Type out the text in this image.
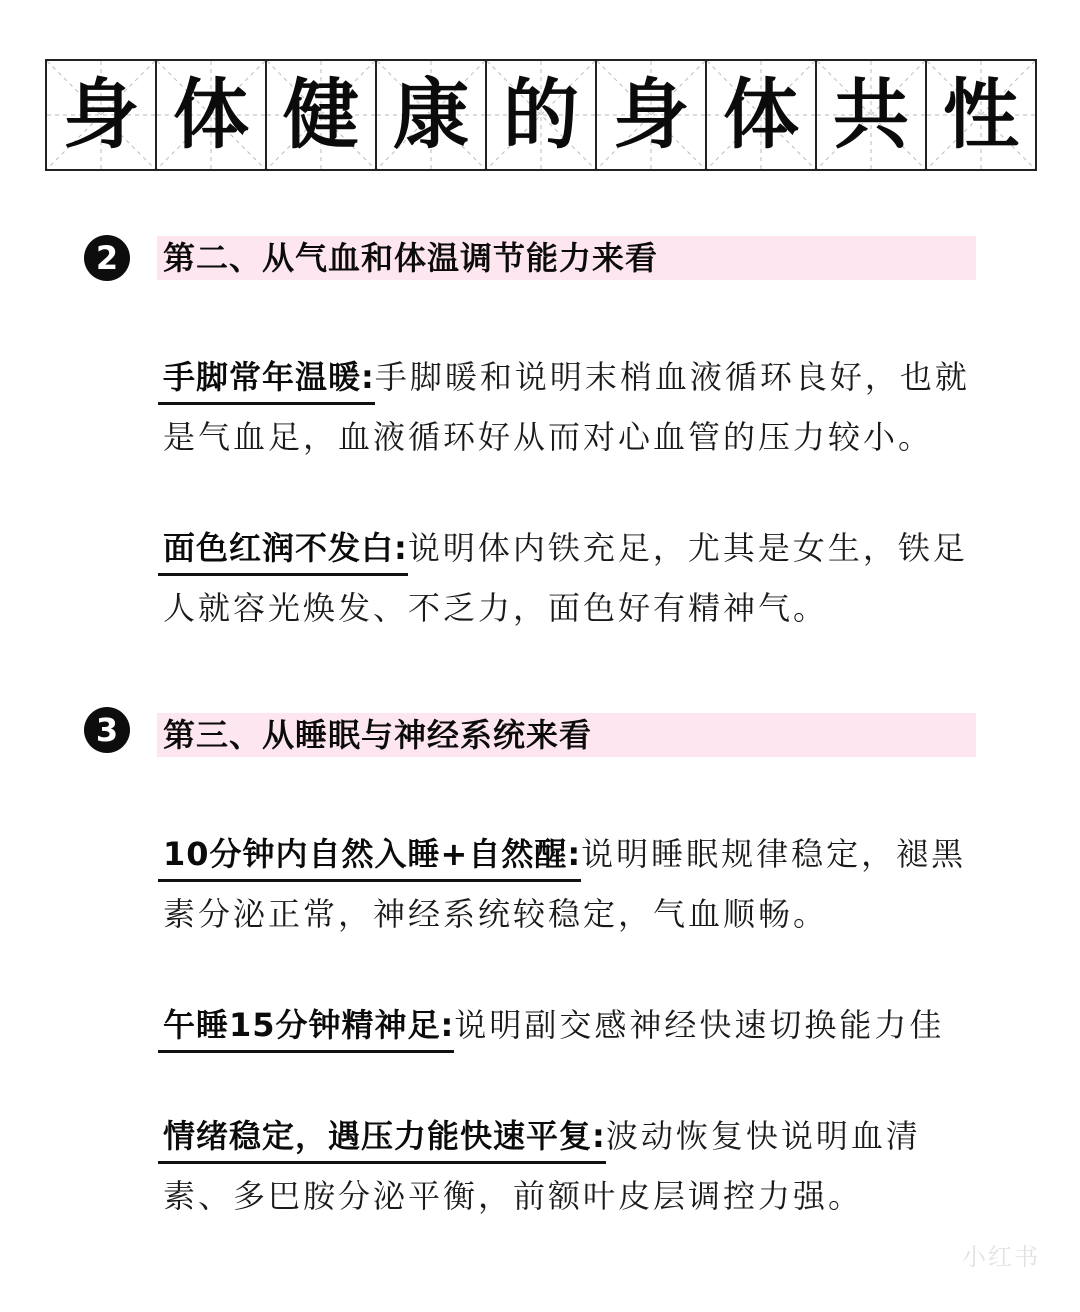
身 体 健 康 的 身 体 共 性
2	第二、从气血和体温调节能力来看
手脚常年温暖:手脚暖和说明末梢血液循环良好，也就是气血足，血液循环好从而对心血管的压力较小。
面色红润不发白:说明体内铁充足，尤其是女生，铁足人就容光焕发、不乏力，面色好有精神气。
3	第三、从睡眠与神经系统来看
10分钟内自然入睡+自然醒:说明睡眠规律稳定，褪黑素分泌正常，神经系统较稳定，气血顺畅。
午睡15分钟精神足:说明副交感神经快速切换能力佳
情绪稳定，遇压力能快速平复:波动恢复快说明血清素、多巴胺分泌平衡，前额叶皮层调控力强。
小红书
